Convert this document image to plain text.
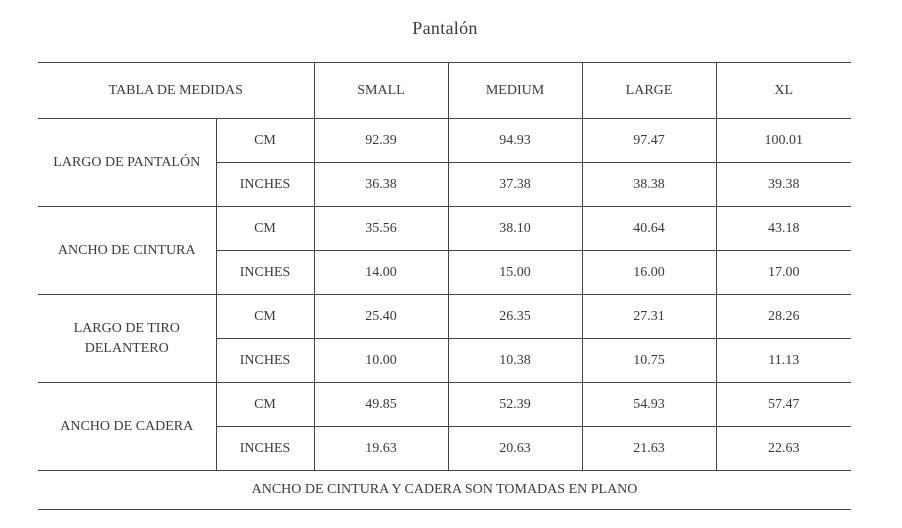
Pantalón
TABLA DE MEDIDAS		SMALL	MEDIUM	LARGE	XL
LARGO DE PANTALÓN	CM	92.39	94.93	97.47	100.01
	INCHES	36.38	37.38	38.38	39.38
ANCHO DE CINTURA	CM	35.56	38.10	40.64	43.18
	INCHES	14.00	15.00	16.00	17.00
LARGO DE TIRO DELANTERO	CM	25.40	26.35	27.31	28.26
	INCHES	10.00	10.38	10.75	11.13
ANCHO DE CADERA	CM	49.85	52.39	54.93	57.47
	INCHES	19.63	20.63	21.63	22.63
ANCHO DE CINTURA Y CADERA SON TOMADAS EN PLANO					
